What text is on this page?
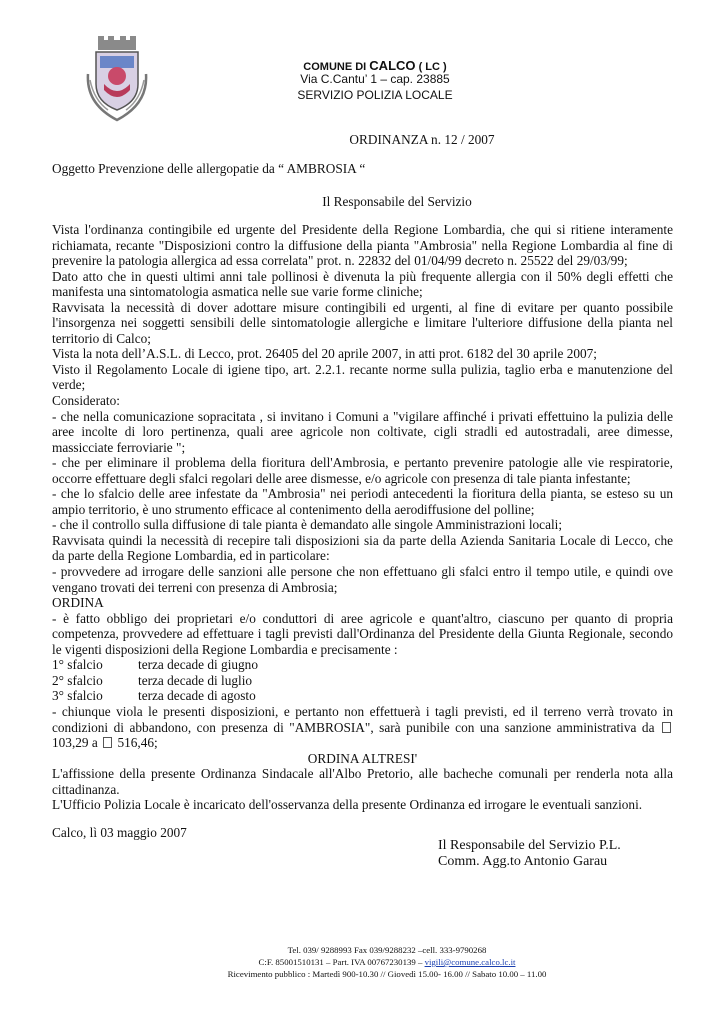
COMUNE DI CALCO ( LC )
Via C.Cantu’ 1 – cap. 23885
SERVIZIO POLIZIA LOCALE
ORDINANZA n. 12 / 2007
Oggetto Prevenzione delle allergopatie da “ AMBROSIA “
Il Responsabile del Servizio

Vista l'ordinanza contingibile ed urgente del Presidente della Regione Lombardia, che qui si ritiene interamente richiamata, recante "Disposizioni contro la diffusione della pianta "Ambrosia" nella Regione Lombardia al fine di prevenire la patologia allergica ad essa correlata" prot. n. 22832 del 01/04/99 decreto n. 25522 del 29/03/99;

Dato atto che in questi ultimi anni tale pollinosi è divenuta la più frequente allergia con il 50% degli effetti che manifesta una sintomatologia asmatica nelle sue varie forme cliniche;

Ravvisata la necessità di dover adottare misure contingibili ed urgenti, al fine di evitare per quanto possibile l'insorgenza nei soggetti sensibili delle sintomatologie allergiche e limitare l'ulteriore diffusione della pianta nel territorio di Calco;

Vista la nota dell’A.S.L. di Lecco, prot. 26405 del 20 aprile 2007, in atti prot. 6182 del 30 aprile 2007;

Visto il Regolamento Locale di igiene tipo, art. 2.2.1. recante norme sulla pulizia, taglio erba e manutenzione del verde;

Considerato:

- che nella comunicazione sopracitata , si invitano i Comuni a "vigilare affinché i privati effettuino la pulizia delle aree incolte di loro pertinenza, quali aree agricole non coltivate, cigli stradli ed autostradali, aree dimesse, massicciate ferroviarie ";

- che per eliminare il problema della fioritura dell'Ambrosia, e pertanto prevenire patologie alle vie respiratorie, occorre effettuare degli sfalci regolari delle aree dismesse, e/o agricole con presenza di tale pianta infestante;

- che lo sfalcio delle aree infestate da "Ambrosia" nei periodi antecedenti la fioritura della pianta, se esteso su un ampio territorio, è uno strumento efficace al contenimento della aerodiffusione del polline;

- che il controllo sulla diffusione di tale pianta è demandato alle singole Amministrazioni locali;

Ravvisata quindi la necessità di recepire tali disposizioni sia da parte della Azienda Sanitaria Locale di Lecco, che da parte della Regione Lombardia, ed in particolare:

- provvedere ad irrogare delle sanzioni alle persone che non effettuano gli sfalci entro il tempo utile, e quindi ove vengano trovati dei terreni con presenza di Ambrosia;

ORDINA

- è fatto obbligo dei proprietari e/o conduttori di aree agricole e quant'altro, ciascuno per quanto di propria competenza, provvedere ad effettuare i tagli previsti dall'Ordinanza del Presidente della Giunta Regionale, secondo le vigenti disposizioni della Regione Lombardia e precisamente :

1° sfalcio	terza decade di giugno
2° sfalcio	terza decade di luglio
3° sfalcio	terza decade di agosto

- chiunque viola le presenti disposizioni, e pertanto non effettuerà i tagli previsti, ed il terreno verrà trovato in condizioni di abbandono, con presenza di "AMBROSIA", sarà punibile con una sanzione amministrativa da  103,29 a 516,46;

ORDINA ALTRESI'

L'affissione della presente Ordinanza Sindacale all'Albo Pretorio, alle bacheche comunali per renderla nota alla cittadinanza.

L'Ufficio Polizia Locale è incaricato dell'osservanza della presente Ordinanza ed irrogare le eventuali sanzioni.

Calco, lì 03 maggio 2007

Il Responsabile del Servizio P.L.
Comm. Agg.to Antonio Garau
Tel. 039/ 9288993 Fax 039/9288232 –cell. 333-9790268
C:F. 85001510131 – Part. IVA 00767230139 – vigili@comune.calco.lc.it
Ricevimento pubblico : Martedì 900-10.30 // Giovedì 15.00- 16.00 // Sabato 10.00 – 11.00
